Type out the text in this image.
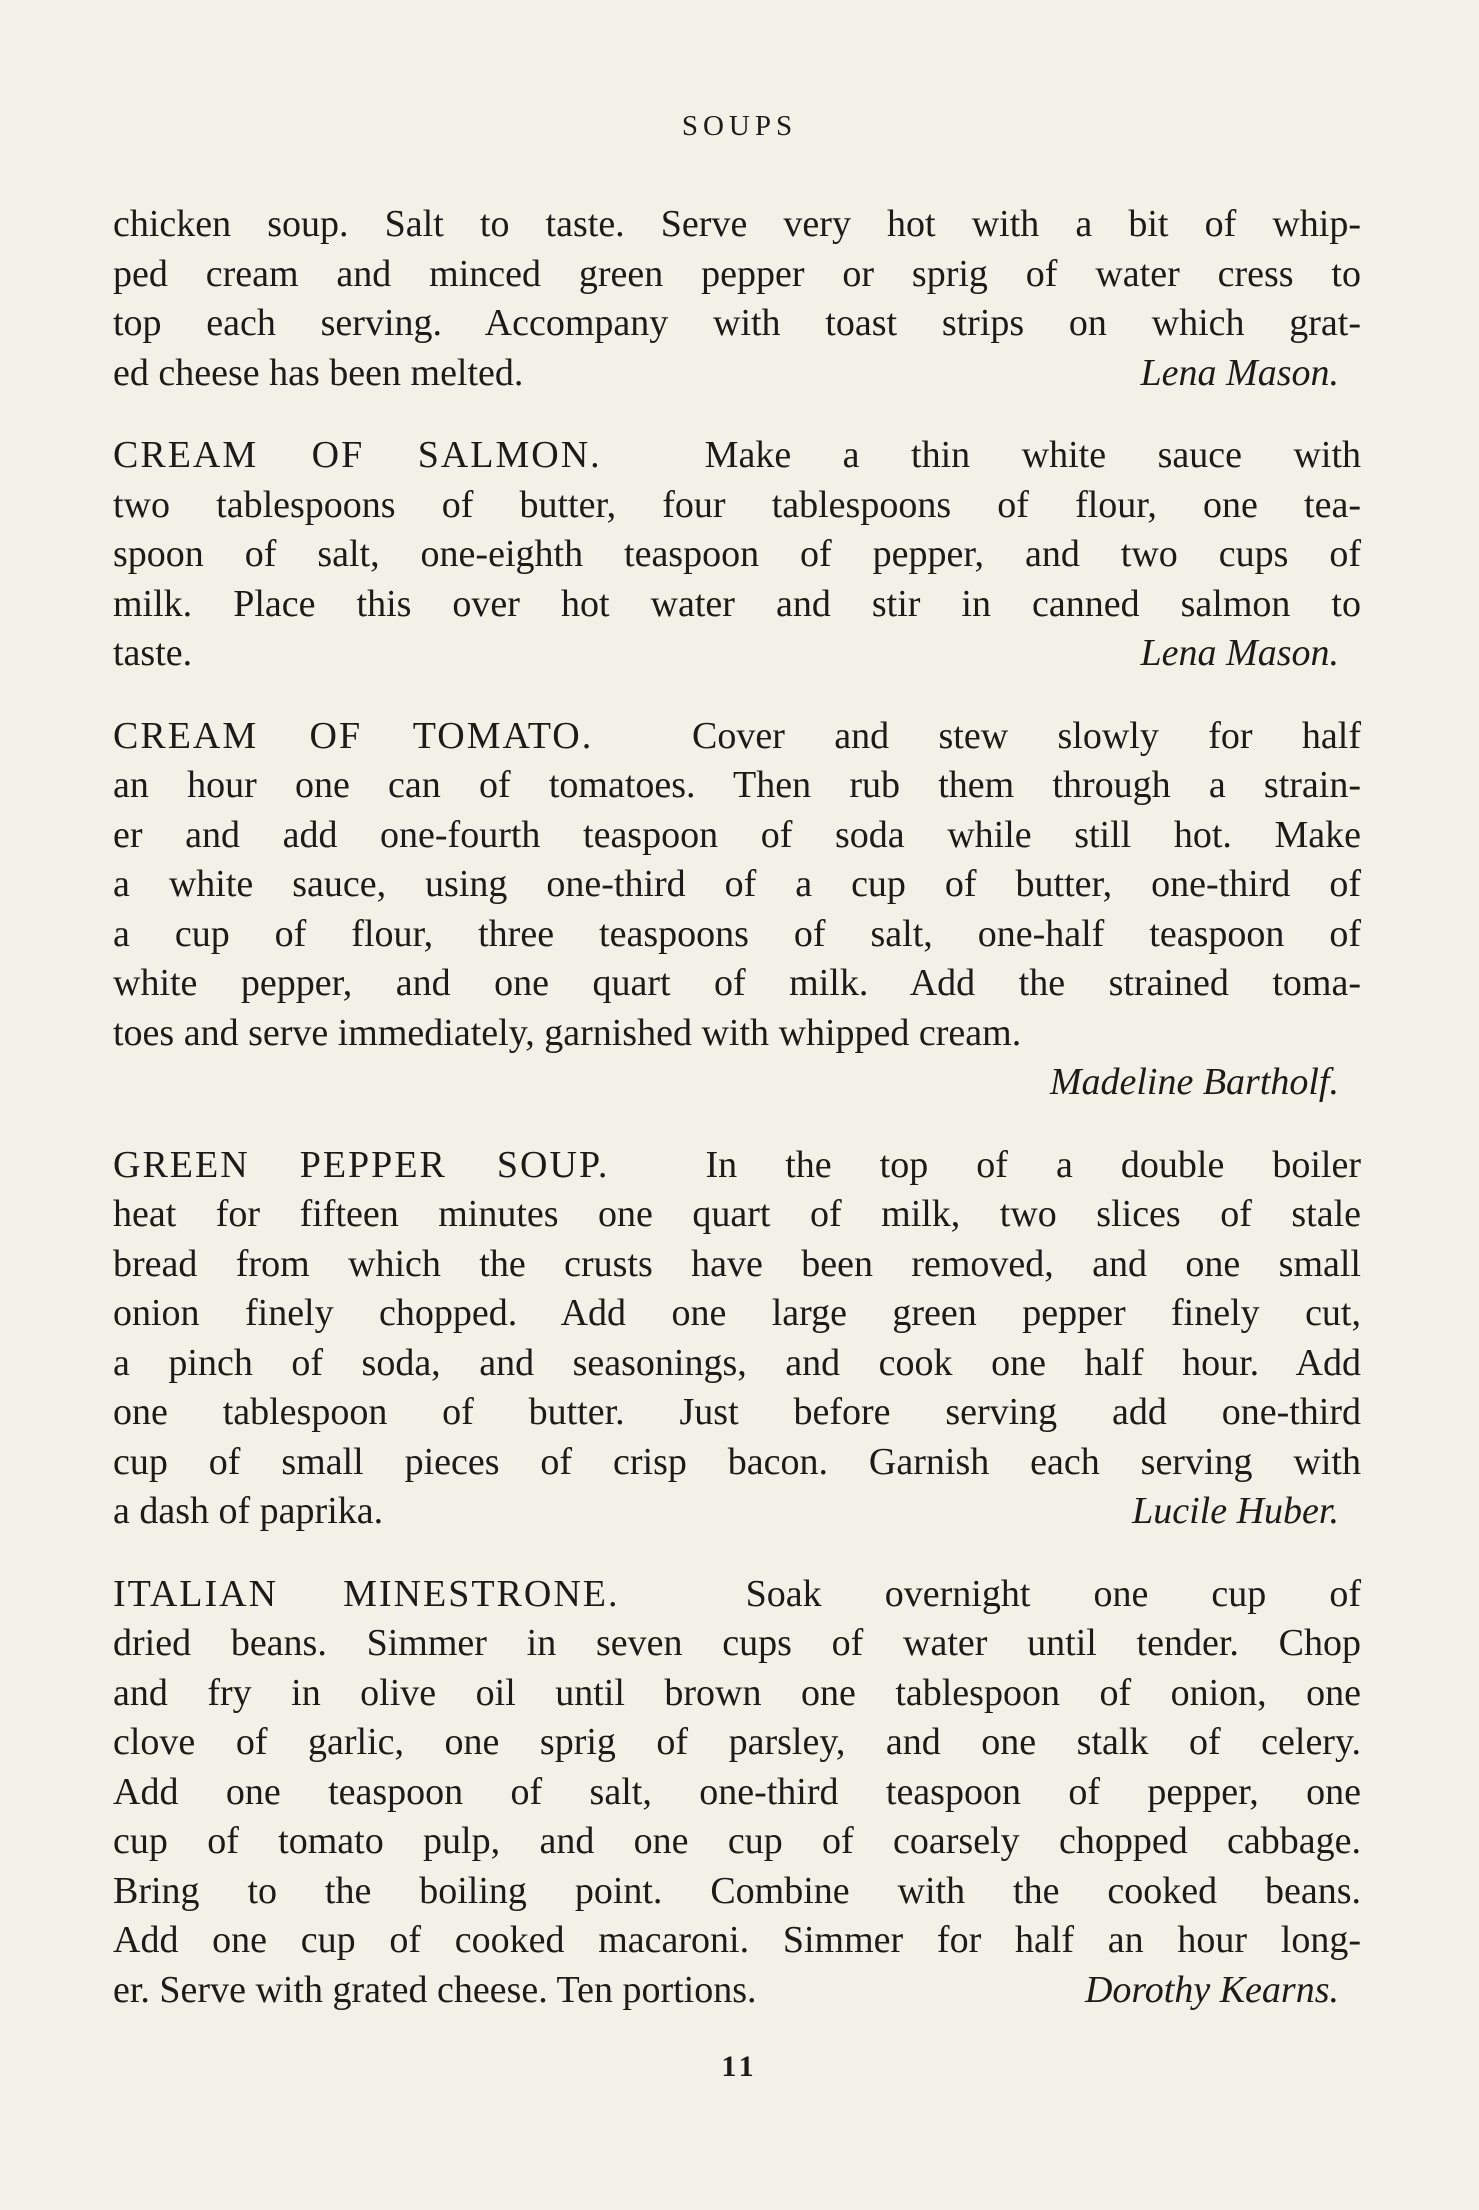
SOUPS
chicken soup. Salt to taste. Serve very hot with a bit of whip-
ped cream and minced green pepper or sprig of water cress to
top each serving. Accompany with toast strips on which grat-
ed cheese has been melted.	Lena Mason.
CREAM OF SALMON.	Make a thin white sauce with
two tablespoons of butter, four tablespoons of flour, one tea-
spoon of salt, one-eighth teaspoon of pepper, and two cups of
milk. Place this over hot water and stir in canned salmon to
taste.	Lena Mason.
CREAM OF TOMATO.	Cover and stew slowly for half
an hour one can of tomatoes. Then rub them through a strain-
er and add one-fourth teaspoon of soda while still hot. Make
a white sauce, using one-third of a cup of butter, one-third of
a cup of flour, three teaspoons of salt, one-half teaspoon of
white pepper, and one quart of milk. Add the strained toma-
toes and serve immediately, garnished with whipped cream.
Madeline Bartholf.
GREEN PEPPER SOUP.	In the top of a double boiler
heat for fifteen minutes one quart of milk, two slices of stale
bread from which the crusts have been removed, and one small
onion finely chopped. Add one large green pepper finely cut,
a pinch of soda, and seasonings, and cook one half hour. Add
one tablespoon of butter. Just before serving add one-third
cup of small pieces of crisp bacon. Garnish each serving with
a dash of paprika.	Lucile Huber.
ITALIAN MINESTRONE.	Soak overnight one cup of
dried beans. Simmer in seven cups of water until tender. Chop
and fry in olive oil until brown one tablespoon of onion, one
clove of garlic, one sprig of parsley, and one stalk of celery.
Add one teaspoon of salt, one-third teaspoon of pepper, one
cup of tomato pulp, and one cup of coarsely chopped cabbage.
Bring to the boiling point. Combine with the cooked beans.
Add one cup of cooked macaroni. Simmer for half an hour long-
er. Serve with grated cheese. Ten portions.	Dorothy Kearns.
11
